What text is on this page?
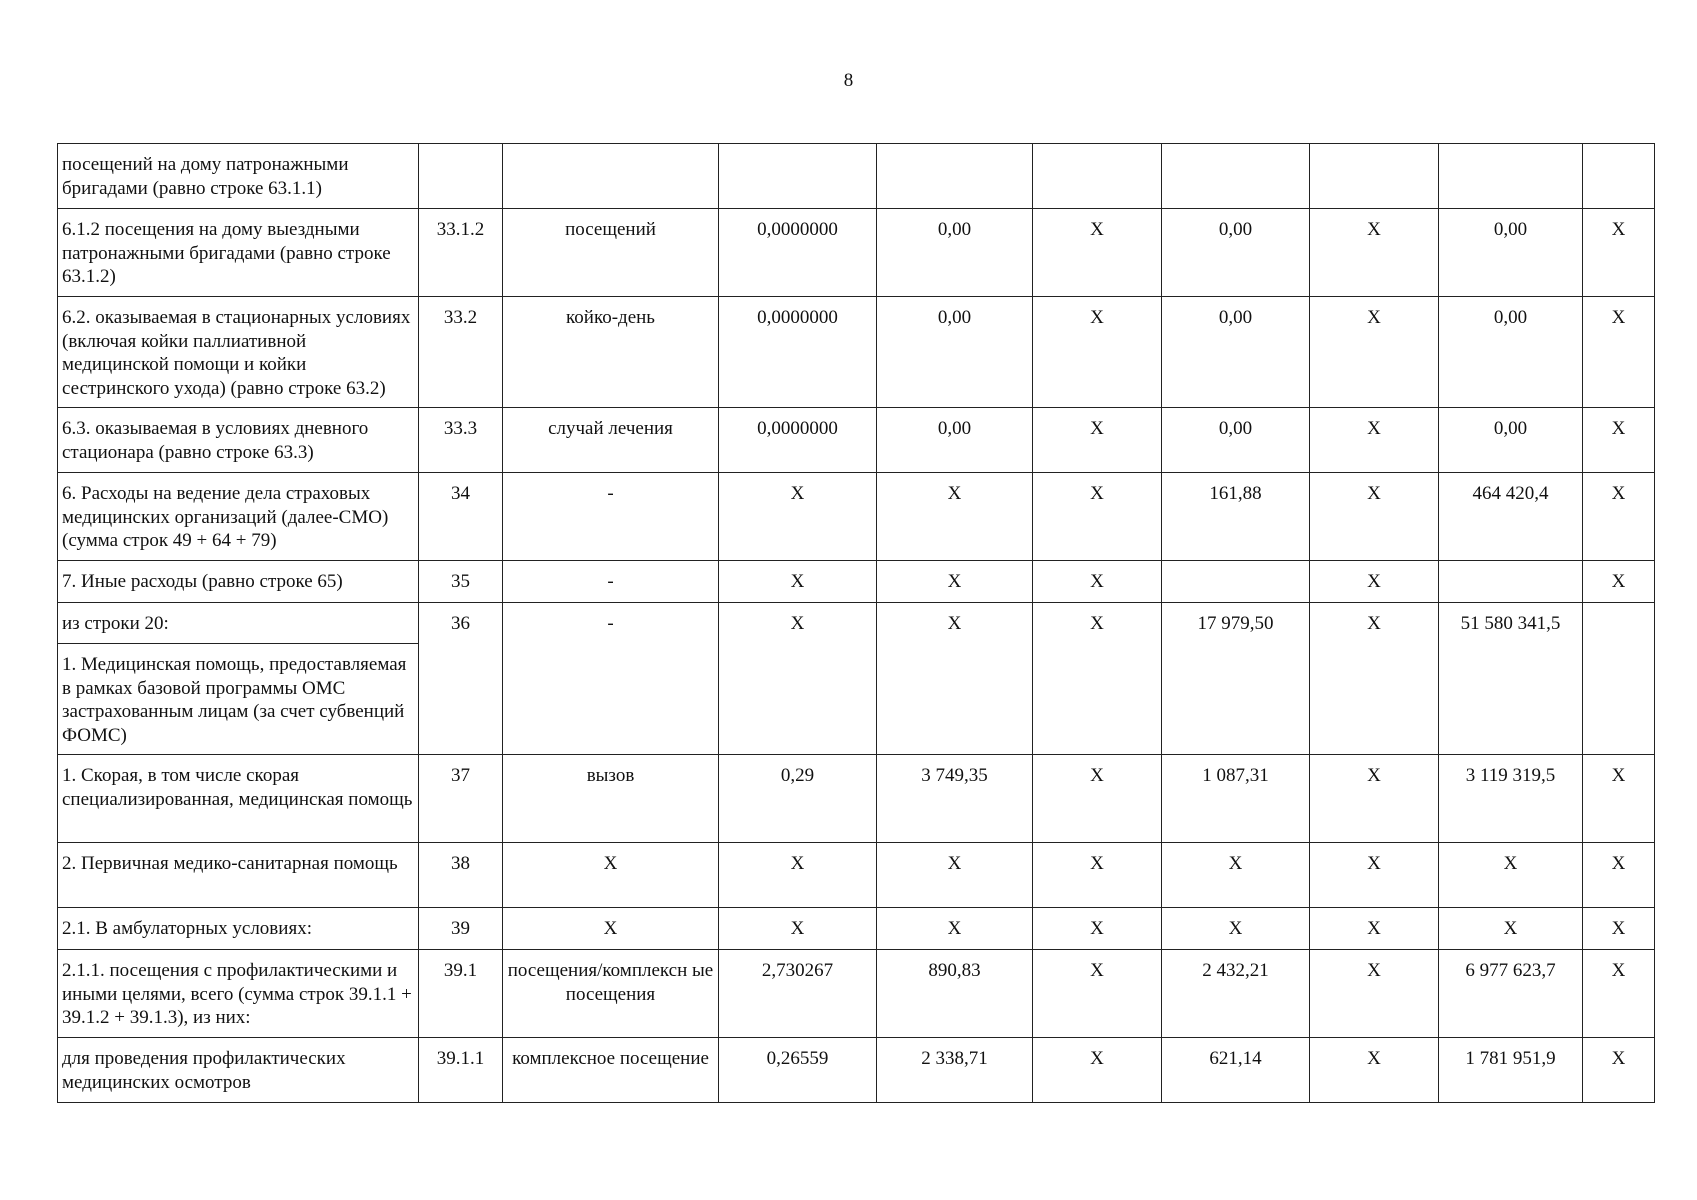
8
посещений на дому патронажными бригадами (равно строке 63.1.1)									
6.1.2 посещения на дому выездными патронажными бригадами (равно строке 63.1.2)	33.1.2	посещений	0,0000000	0,00	Х	0,00	Х	0,00	Х
6.2. оказываемая в стационарных условиях (включая койки паллиативной медицинской помощи и койки сестринского ухода) (равно строке 63.2)	33.2	койко-день	0,0000000	0,00	Х	0,00	Х	0,00	Х
6.3. оказываемая в условиях дневного стационара (равно строке 63.3)	33.3	случай лечения	0,0000000	0,00	Х	0,00	Х	0,00	Х
6. Расходы на ведение дела страховых медицинских организаций (далее-СМО) (сумма строк 49 + 64 + 79)	34	-	Х	Х	Х	161,88	Х	464 420,4	Х
7. Иные расходы (равно строке 65)	35	-	Х	Х	Х		Х		Х
из строки 20:	36	-	Х	Х	Х	17 979,50	Х	51 580 341,5	
1. Медицинская помощь, предоставляемая в рамках базовой программы ОМС застрахованным лицам (за счет субвенций ФОМС)									
1. Скорая, в том числе скорая специализированная, медицинская помощь	37	вызов	0,29	3 749,35	Х	1 087,31	Х	3 119 319,5	Х
2. Первичная медико-санитарная помощь	38	Х	Х	Х	Х	Х	Х	Х	Х
2.1. В амбулаторных условиях:	39	Х	Х	Х	Х	Х	Х	Х	Х
2.1.1. посещения с профилактическими и иными целями, всего (сумма строк 39.1.1 + 39.1.2 + 39.1.3), из них:	39.1	посещения/комплексн ые посещения	2,730267	890,83	Х	2 432,21	Х	6 977 623,7	Х
для проведения профилактических медицинских осмотров	39.1.1	комплексное посещение	0,26559	2 338,71	Х	621,14	Х	1 781 951,9	Х
